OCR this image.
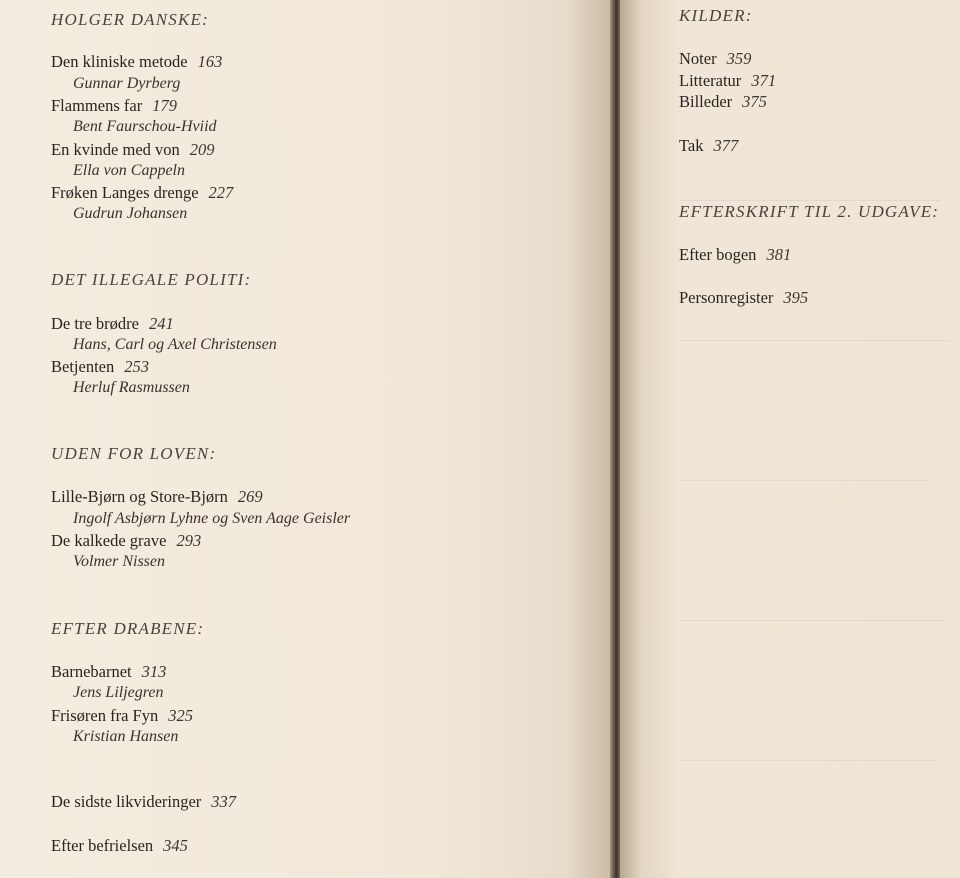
HOLGER DANSKE:
Den kliniske metode 163
Gunnar Dyrberg
Flammens far 179
Bent Faurschou-Hviid
En kvinde med von 209
Ella von Cappeln
Frøken Langes drenge 227
Gudrun Johansen
DET ILLEGALE POLITI:
De tre brødre 241
Hans, Carl og Axel Christensen
Betjenten 253
Herluf Rasmussen
UDEN FOR LOVEN:
Lille-Bjørn og Store-Bjørn 269
Ingolf Asbjørn Lyhne og Sven Aage Geisler
De kalkede grave 293
Volmer Nissen
EFTER DRABENE:
Barnebarnet 313
Jens Liljegren
Frisøren fra Fyn 325
Kristian Hansen
De sidste likvideringer 337
Efter befrielsen 345
KILDER:
Noter 359
Litteratur 371
Billeder 375
Tak 377
EFTERSKRIFT TIL 2. UDGAVE:
Efter bogen 381
Personregister 395
